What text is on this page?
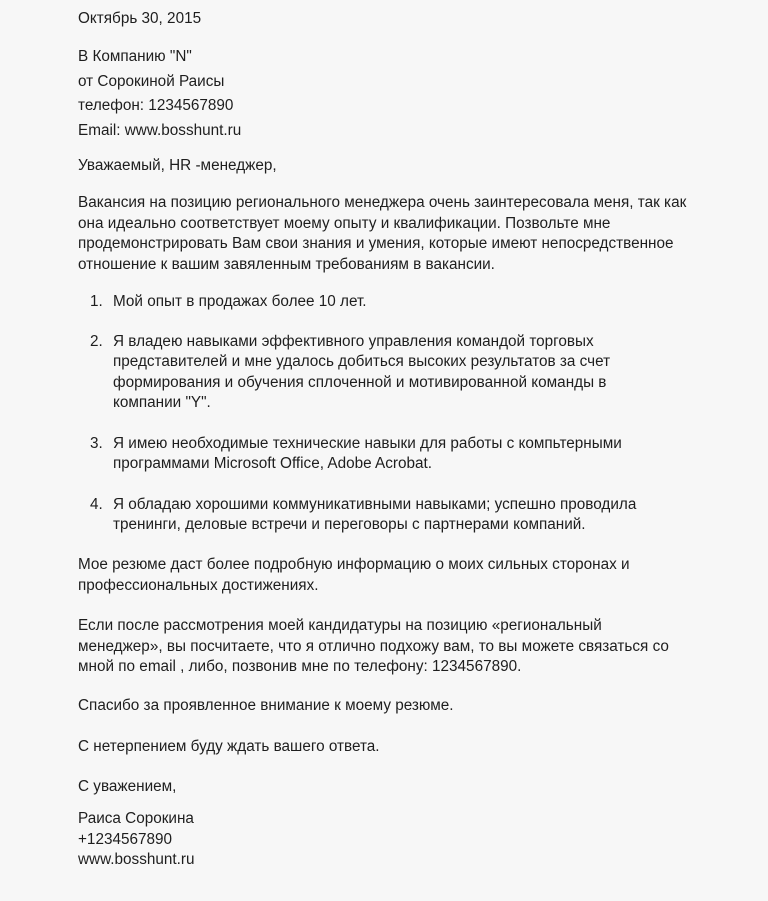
Октябрь 30, 2015
В Компанию "N"
от Сорокиной Раисы
телефон: 1234567890
Email: www.bosshunt.ru
Уважаемый, HR -менеджер,
Вакансия на позицию регионального менеджера очень заинтересовала меня, так как она идеально соответствует моему опыту и квалификации. Позвольте мне продемонстрировать Вам свои знания и умения, которые имеют непосредственное отношение к вашим завяленным требованиям в вакансии.
1. Мой опыт в продажах более 10 лет.
2. Я владею навыками эффективного управления командой торговых представителей и мне удалось добиться высоких результатов за счет формирования и обучения сплоченной и мотивированной команды в компании "Y".
3. Я имею необходимые технические навыки для работы с компьтерными программами Microsoft Office, Adobe Acrobat.
4. Я обладаю хорошими коммуникативными навыками; успешно проводила тренинги, деловые встречи и переговоры с партнерами компаний.
Мое резюме даст более подробную информацию о моих сильных сторонах и профессиональных достижениях.
Если после рассмотрения моей кандидатуры на позицию «региональный менеджер», вы посчитаете, что я отлично подхожу вам, то вы можете связаться со мной по email , либо, позвонив мне по телефону: 1234567890.
Спасибо за проявленное внимание к моему резюме.
С нетерпением буду ждать вашего ответа.
С уважением,
Раиса Сорокина
+1234567890
www.bosshunt.ru
